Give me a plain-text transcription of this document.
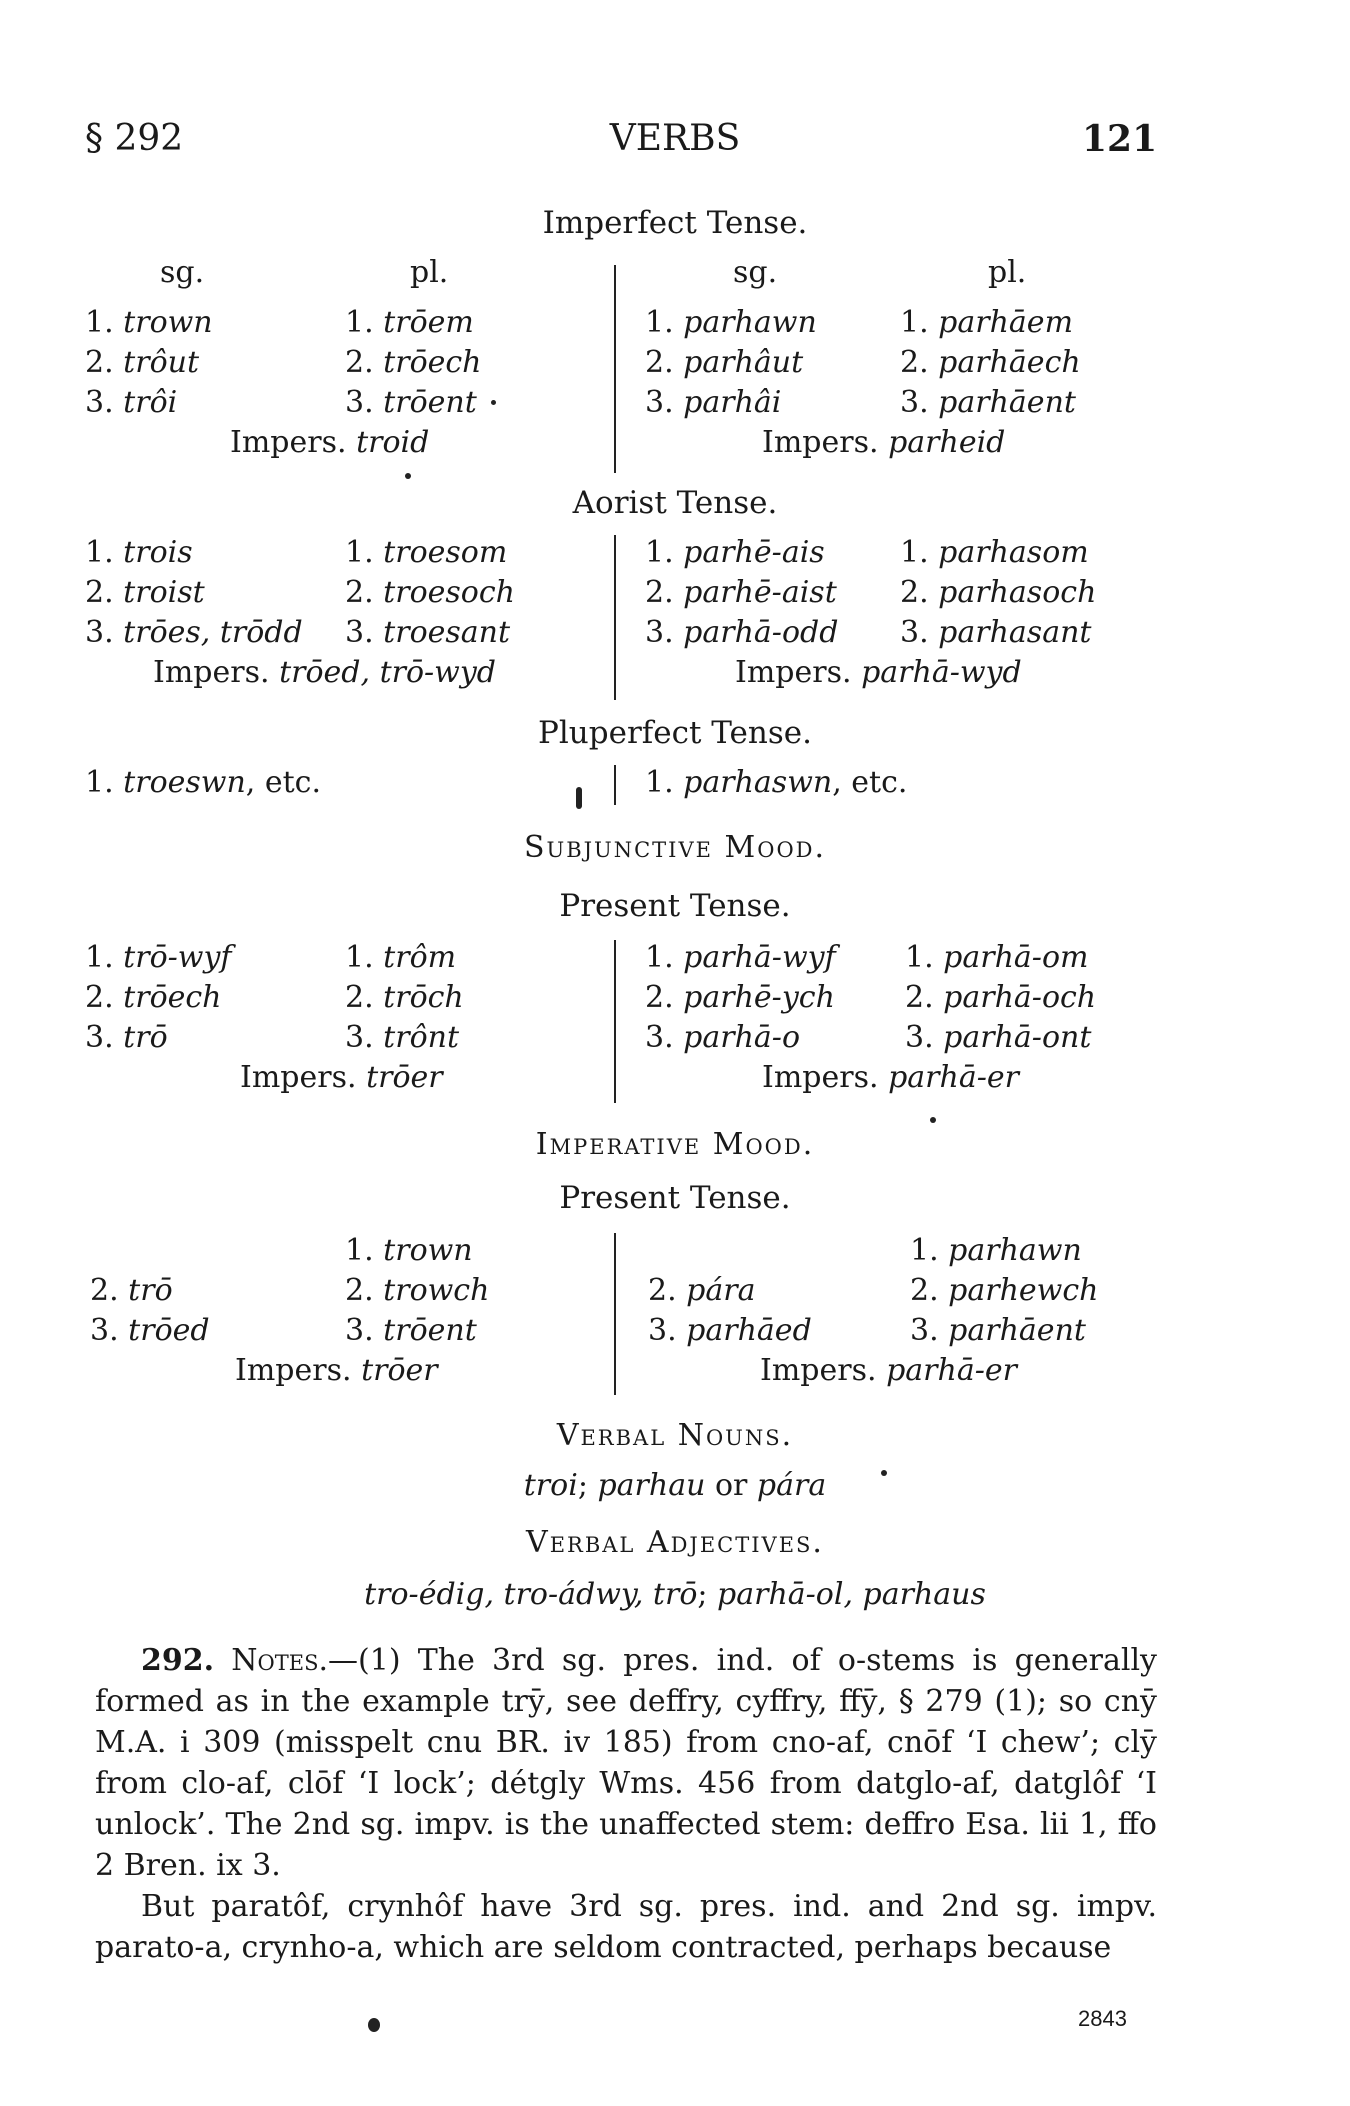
§ 292	VERBS	121
Imperfect Tense.
sg.	pl.	sg.	pl.
1. trown	1. trōem
2. trôut	2. trōech
3. trôi	3. trōent
Impers. troid
1. parhawn	1. parhāem
2. parhâut	2. parhāech
3. parhâi	3. parhāent
Impers. parheid
Aorist Tense.
1. trois	1. troesom
2. troist	2. troesoch
3. trōes, trōdd 3. troesant
Impers. trōed, trō-wyd
1. parhē-ais	1. parhasom
2. parhē-aist 2. parhasoch
3. parhā-odd 3. parhasant
Impers. parhā-wyd
Pluperfect Tense.
1. troeswn, etc.	1. parhaswn, etc.
Subjunctive Mood.
Present Tense.
1. trō-wyf	1. trôm
2. trōech	2. trōch
3. trō	3. trônt
Impers. trōer
1. parhā-wyf 1. parhā-om
2. parhē-ych 2. parhā-och
3. parhā-o	3. parhā-ont
Impers. parhā-er
Imperative Mood.
Present Tense.
1. trown
2. trō	2. trowch
3. trōed	3. trōent
Impers. trōer
1. parhawn
2. pára	2. parhewch
3. parhāed	3. parhāent
Impers. parhā-er
Verbal Nouns.
troi; parhau or pára
Verbal Adjectives.
tro-édig, tro-ádwy, trō; parhā-ol, parhaus
292. Notes.—(1) The 3rd sg. pres. ind. of o-stems is generally formed as in the example trȳ, see deffry, cyffry, ffȳ, § 279 (1); so cnȳ M.A. i 309 (misspelt cnu BR. iv 185) from cno-af, cnōf ‘I chew’; clȳ from clo-af, clōf ‘I lock’; détgly Wms. 456 from datglo-af, datglôf ‘I unlock’. The 2nd sg. impv. is the unaffected stem: deffro Esa. lii 1, ffo 2 Bren. ix 3.
But paratôf, crynhôf have 3rd sg. pres. ind. and 2nd sg. impv. parato-a, crynho-a, which are seldom contracted, perhaps because
2843
